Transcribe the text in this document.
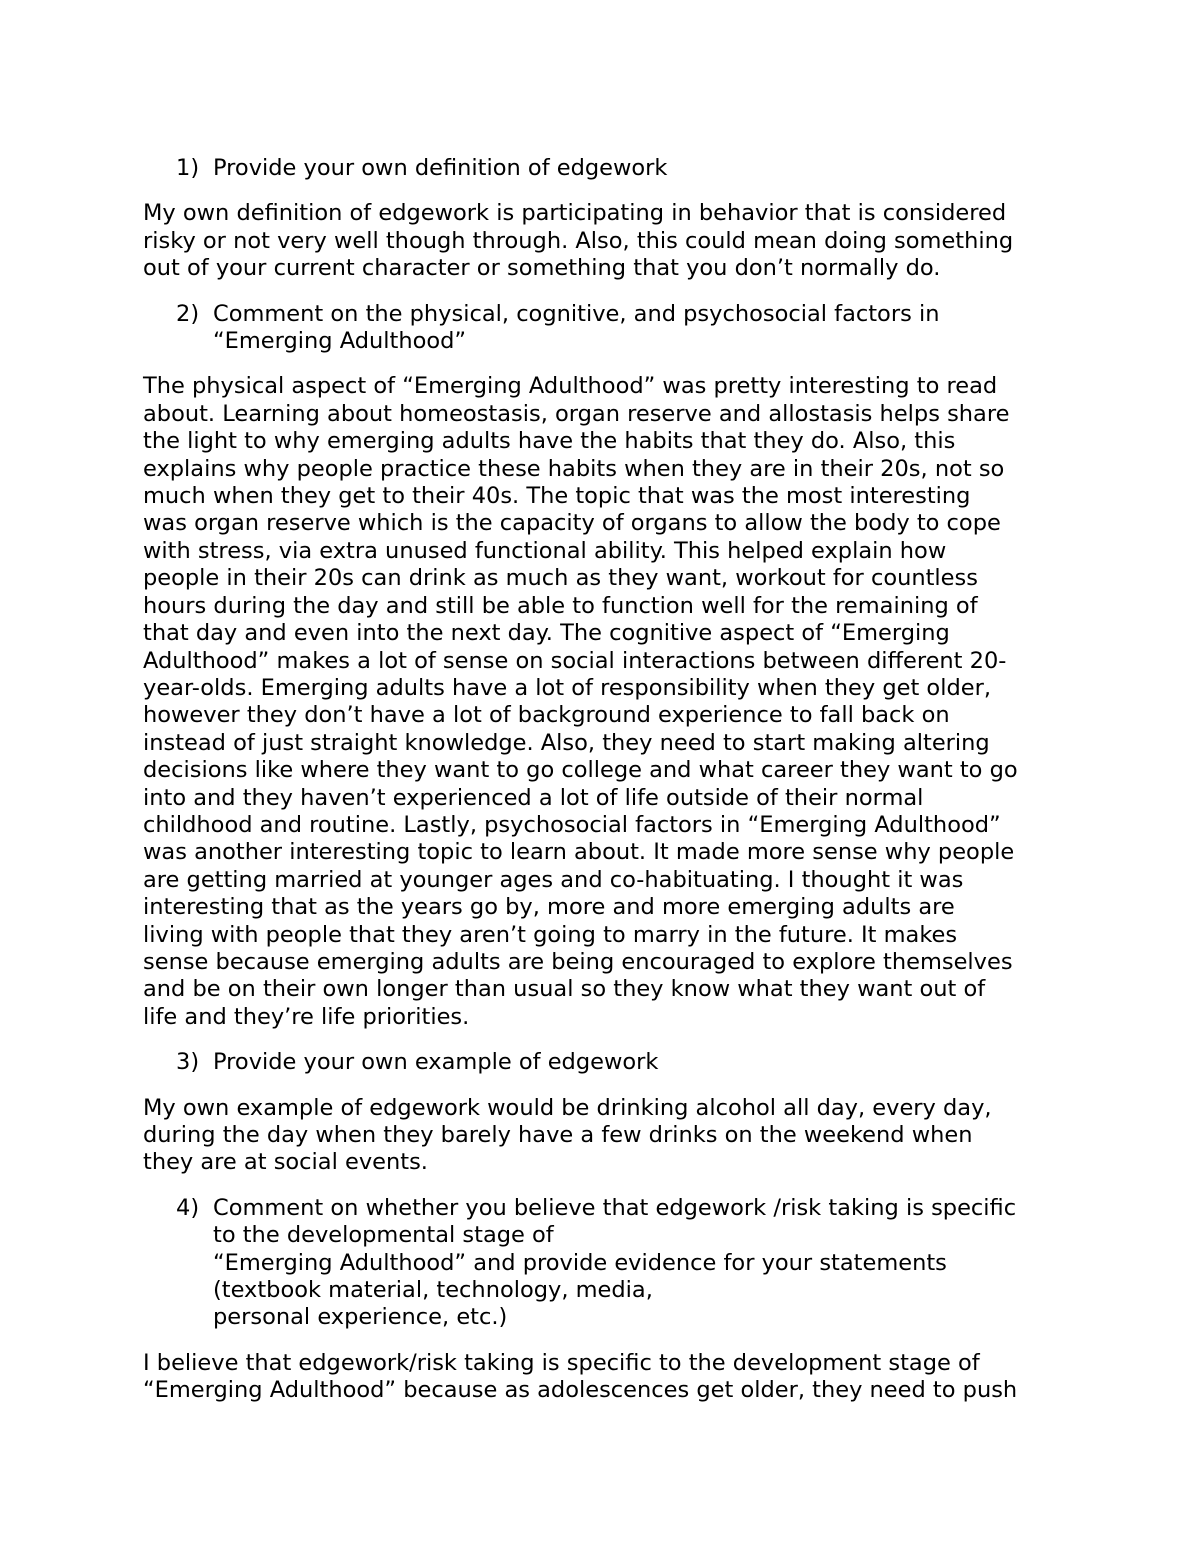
1) Provide your own definition of edgework
My own definition of edgework is participating in behavior that is considered
risky or not very well though through. Also, this could mean doing something
out of your current character or something that you don’t normally do.
2) Comment on the physical, cognitive, and psychosocial factors in
“Emerging Adulthood”
The physical aspect of “Emerging Adulthood” was pretty interesting to read
about. Learning about homeostasis, organ reserve and allostasis helps share
the light to why emerging adults have the habits that they do. Also, this
explains why people practice these habits when they are in their 20s, not so
much when they get to their 40s. The topic that was the most interesting
was organ reserve which is the capacity of organs to allow the body to cope
with stress, via extra unused functional ability. This helped explain how
people in their 20s can drink as much as they want, workout for countless
hours during the day and still be able to function well for the remaining of
that day and even into the next day. The cognitive aspect of “Emerging
Adulthood” makes a lot of sense on social interactions between different 20-
year-olds. Emerging adults have a lot of responsibility when they get older,
however they don’t have a lot of background experience to fall back on
instead of just straight knowledge. Also, they need to start making altering
decisions like where they want to go college and what career they want to go
into and they haven’t experienced a lot of life outside of their normal
childhood and routine. Lastly, psychosocial factors in “Emerging Adulthood”
was another interesting topic to learn about. It made more sense why people
are getting married at younger ages and co-habituating. I thought it was
interesting that as the years go by, more and more emerging adults are
living with people that they aren’t going to marry in the future. It makes
sense because emerging adults are being encouraged to explore themselves
and be on their own longer than usual so they know what they want out of
life and they’re life priorities.
3) Provide your own example of edgework
My own example of edgework would be drinking alcohol all day, every day,
during the day when they barely have a few drinks on the weekend when
they are at social events.
4) Comment on whether you believe that edgework /risk taking is specific
to the developmental stage of
“Emerging Adulthood” and provide evidence for your statements
(textbook material, technology, media,
personal experience, etc.)
I believe that edgework/risk taking is specific to the development stage of
“Emerging Adulthood” because as adolescences get older, they need to push
